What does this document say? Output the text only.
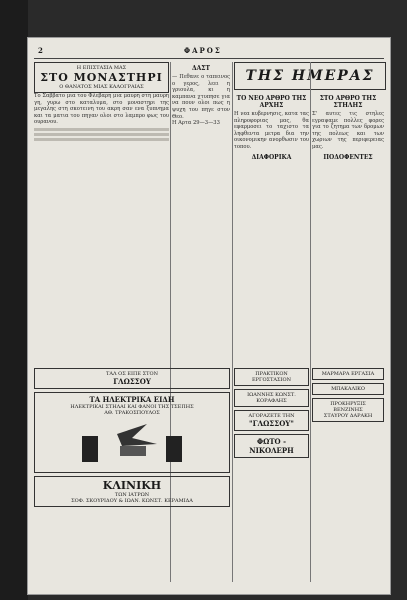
2	ΦΑΡΟΣ
Η ΕΠΙΣΤΑΣΙΑ ΜΑΣ
ΣΤΟ ΜΟΝΑΣΤΗΡΙ
Ο ΘΑΝΑΤΟΣ ΜΙΑΣ ΚΑΛΟΓΡΑΙΑΣ
Το Σαββατο μια του Φλεβαρη μια μαυρη στη μαυρη γη, γυρω στο καταλυμα, στο μοναστηρι της μεγαλης στη σκοτεινη του ακρη σαν ενα ξυπνημα και τα ματια του πηγαν ολοι στο λαμπρο φως του ουρανου.
ΔΑΣΤ
— Πεθανε ο ταπεινος ο γερος, λεει η γριουλα, κι η καμπανα χτυπησε για να πουν ολοι πως η ψυχη του πηγε στον Θεο.
Η Αρτα 29—3—33
ΤΗΣ ΗΜΕΡΑΣ
ΤΟ ΝΕΟ ΑΡΘΡΟ ΤΗΣ ΑΡΧΗΣ
Η νεα κυβερνησις, κατα τας πληροφοριας μας, θα εφαρμοσει το ταχιστο τα ληφθεντα μετρα δια την οικονομικην ανορθωσιν του τοπου.
ΔΙΑΦΟΡΙΚΑ
ΣΤΟ ΑΡΘΡΟ ΤΗΣ ΣΤΗΛΗΣ
Σ' αυτες τις στηλες εγραψαμε πολλες φορες για το ζητημα των δρομων της πολεως και των χωριων της περιφερειας μας.
ΠΟΔΟΦΕΝΤΕΣ
ΤΑΛ ΟΣ ΕΙΠΕ ΣΤΟΝ
ΓΛΩΣΣΟΥ
ΤΑ ΗΛΕΚΤΡΙΚΑ ΕΙΔΗ
ΗΛΕΚΤΡΙΚΑΙ ΣΤΗΛΑΙ ΚΑΙ ΦΑΝΟΙ ΤΗΣ ΤΣΕΠΗΣ
ΑΘ. ΤΡΑΚΟΣΠΟΥΛΟΣ
ΚΛΙΝΙΚΗ
ΤΩΝ ΙΑΤΡΩΝ
ΣΟΦ. ΣΚΟΥΡΙΔΟΥ & ΙΩΑΝ. ΚΩΝΣΤ. ΚΕΡΑΜΙΔΑ
ΠΡΑΚΤΙΚΟΝ ΕΡΓΟΣΤΑΣΙΟΝ
ΙΩΑΝΝΗΣ ΚΩΝΣΤ. ΚΟΡΑΦΛΗΣ
ΑΓΟΡΑΖΕΤΕ ΤΗΝ
"ΓΛΩΣΣΟΥ"
ΦΩΤΟ - ΝΙΚΟΛΕΡΗ
ΜΑΡΜΑΡΑ ΕΡΓΑΣΙΑ
ΜΠΑΚΑΛΙΚΟ
ΠΡΟΚΗΡΥΞΙΣ ΒΕΝΖΙΝΗΣ
ΣΤΑΥΡΟΥ ΔΑΡΑΚΗ
